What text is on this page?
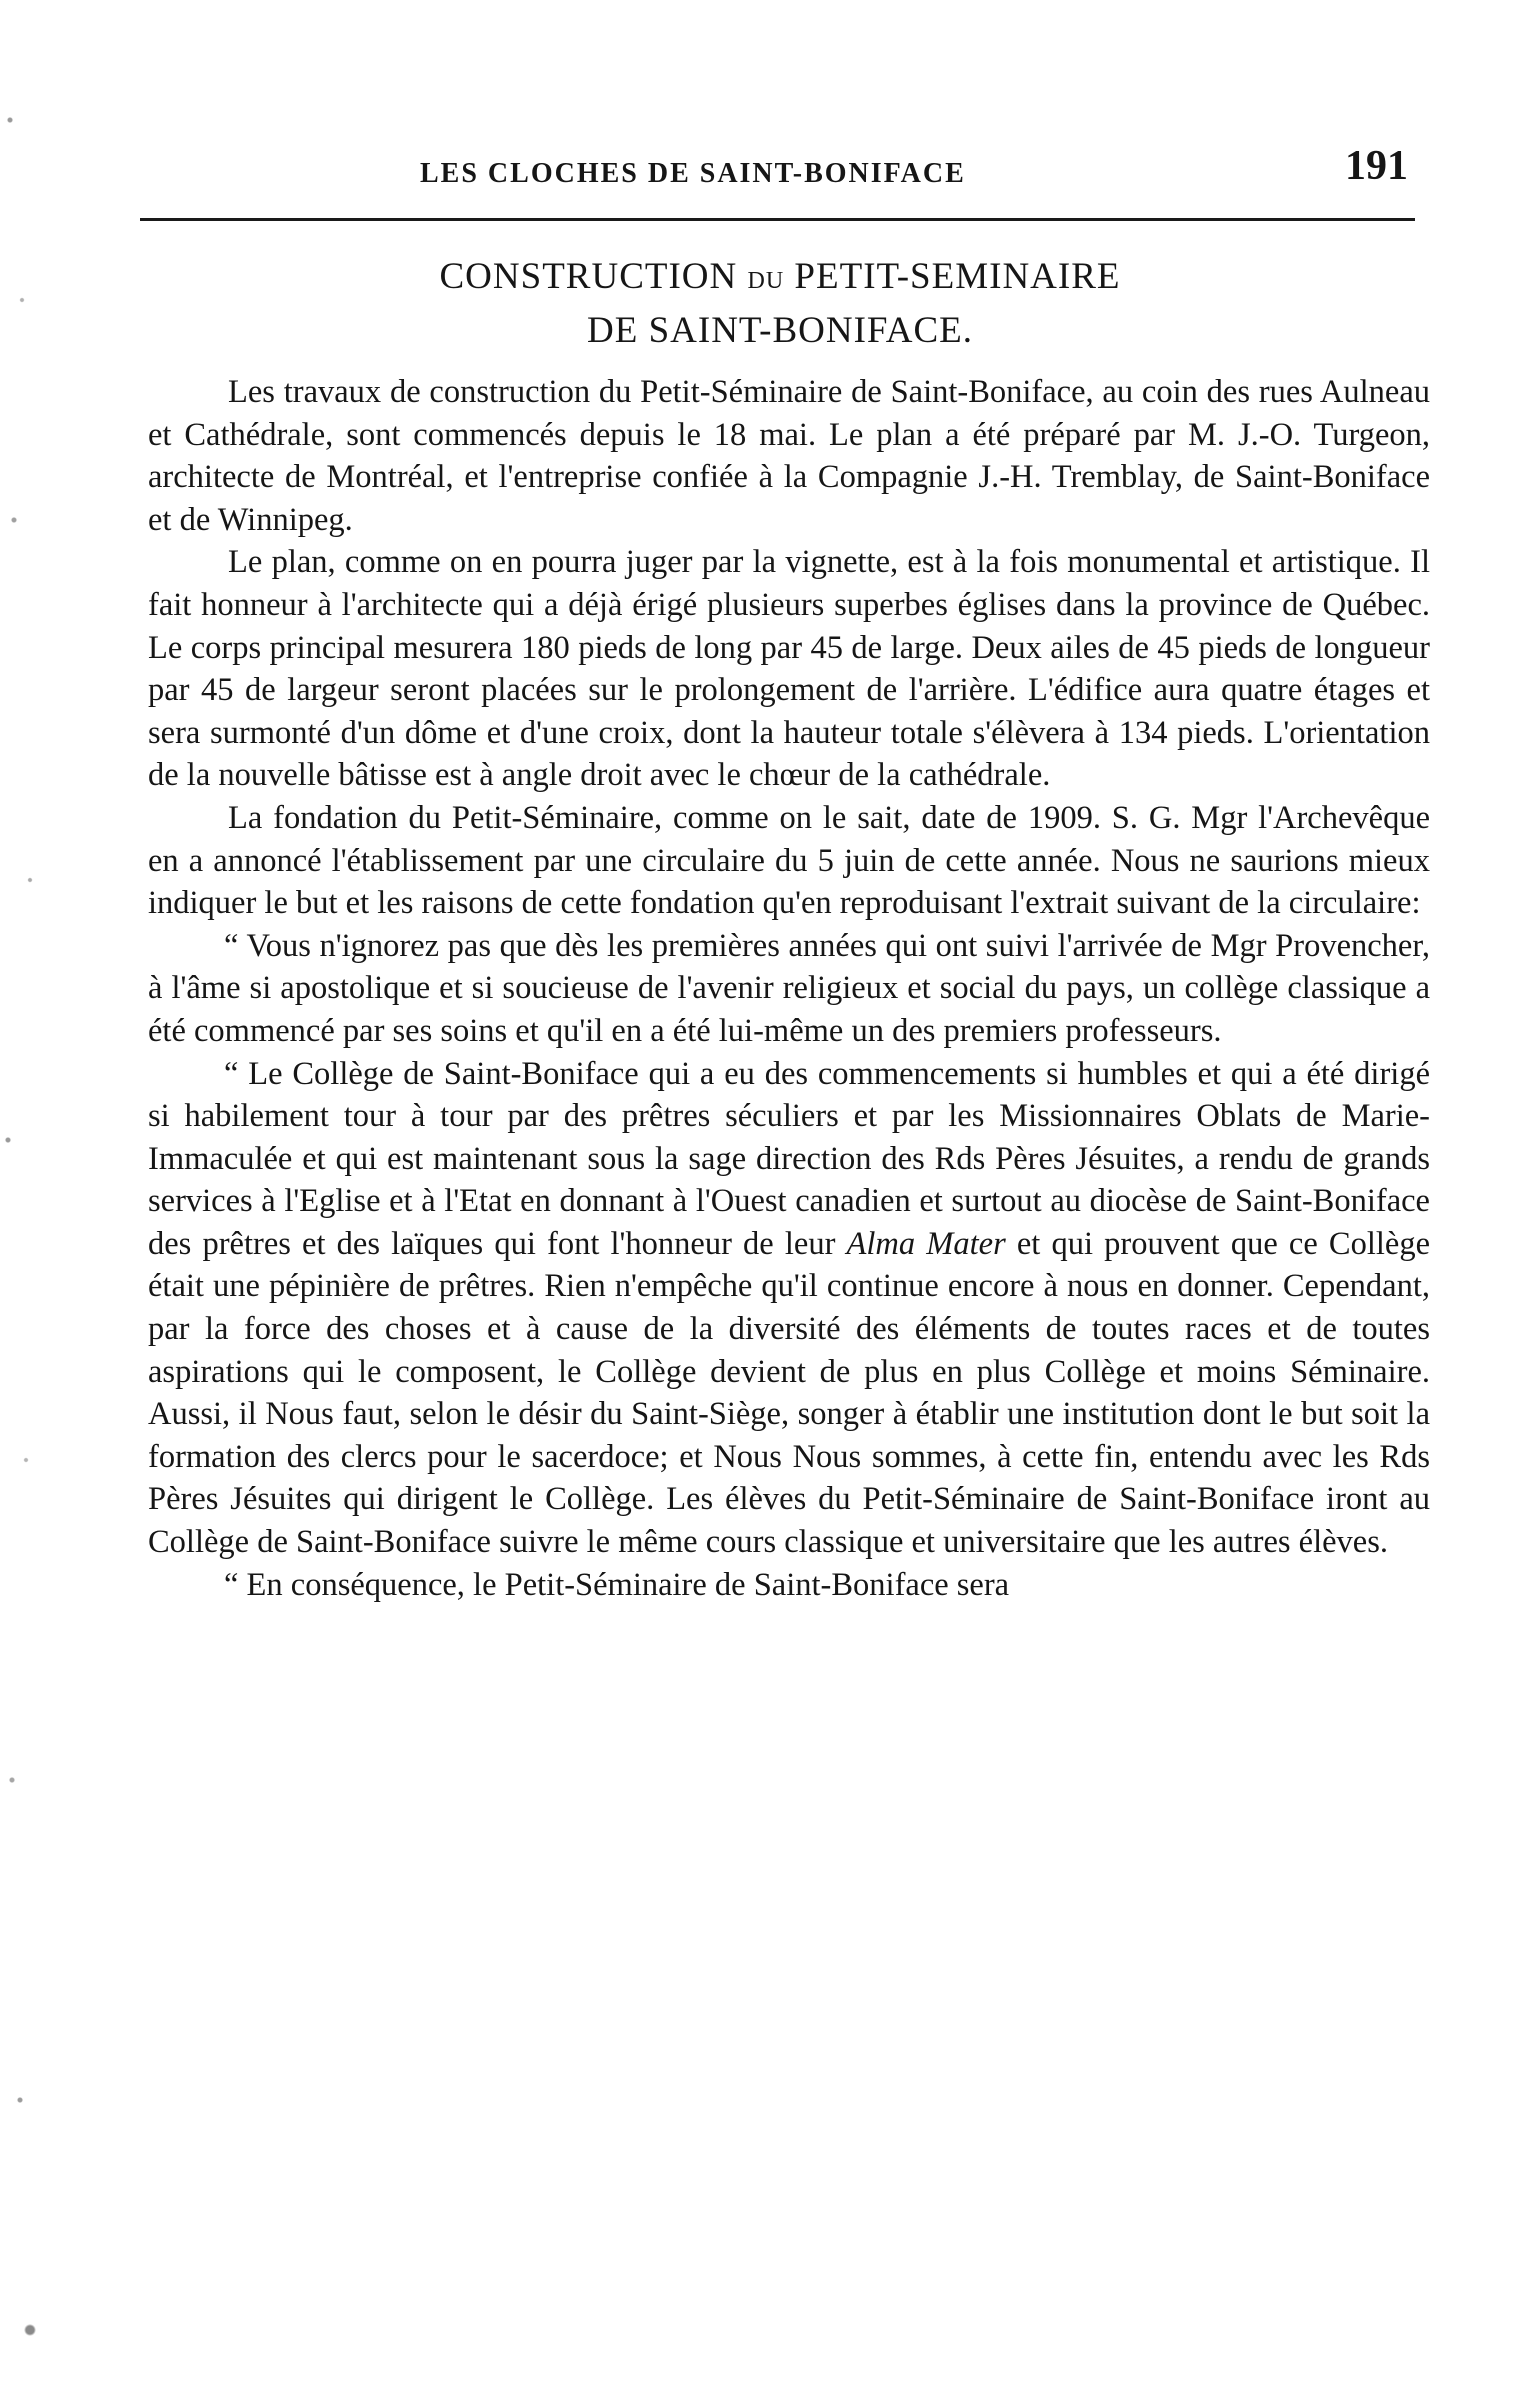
LES CLOCHES DE SAINT-BONIFACE	191
CONSTRUCTION DU PETIT-SEMINAIRE
DE SAINT-BONIFACE.

Les travaux de construction du Petit-Séminaire de Saint-Boniface, au coin des rues Aulneau et Cathédrale, sont commencés depuis le 18 mai. Le plan a été préparé par M. J.-O. Turgeon, architecte de Montréal, et l'entreprise confiée à la Compagnie J.-H. Tremblay, de Saint-Boniface et de Winnipeg.

Le plan, comme on en pourra juger par la vignette, est à la fois monumental et artistique. Il fait honneur à l'architecte qui a déjà érigé plusieurs superbes églises dans la province de Québec. Le corps principal mesurera 180 pieds de long par 45 de large. Deux ailes de 45 pieds de longueur par 45 de largeur seront placées sur le prolongement de l'arrière. L'édifice aura quatre étages et sera surmonté d'un dôme et d'une croix, dont la hauteur totale s'élèvera à 134 pieds. L'orientation de la nouvelle bâtisse est à angle droit avec le chœur de la cathédrale.

La fondation du Petit-Séminaire, comme on le sait, date de 1909. S. G. Mgr l'Archevêque en a annoncé l'établissement par une circulaire du 5 juin de cette année. Nous ne saurions mieux indiquer le but et les raisons de cette fondation qu'en reproduisant l'extrait suivant de la circulaire:

“ Vous n'ignorez pas que dès les premières années qui ont suivi l'arrivée de Mgr Provencher, à l'âme si apostolique et si soucieuse de l'avenir religieux et social du pays, un collège classique a été commencé par ses soins et qu'il en a été lui-même un des premiers professeurs.

“ Le Collège de Saint-Boniface qui a eu des commencements si humbles et qui a été dirigé si habilement tour à tour par des prêtres séculiers et par les Missionnaires Oblats de Marie-Immaculée et qui est maintenant sous la sage direction des Rds Pères Jésuites, a rendu de grands services à l'Eglise et à l'Etat en donnant à l'Ouest canadien et surtout au diocèse de Saint-Boniface des prêtres et des laïques qui font l'honneur de leur Alma Mater et qui prouvent que ce Collège était une pépinière de prêtres. Rien n'empêche qu'il continue encore à nous en donner. Cependant, par la force des choses et à cause de la diversité des éléments de toutes races et de toutes aspirations qui le composent, le Collège devient de plus en plus Collège et moins Séminaire. Aussi, il Nous faut, selon le désir du Saint-Siège, songer à établir une institution dont le but soit la formation des clercs pour le sacerdoce; et Nous Nous sommes, à cette fin, entendu avec les Rds Pères Jésuites qui dirigent le Collège. Les élèves du Petit-Séminaire de Saint-Boniface iront au Collège de Saint-Boniface suivre le même cours classique et universitaire que les autres élèves.

“ En conséquence, le Petit-Séminaire de Saint-Boniface sera
